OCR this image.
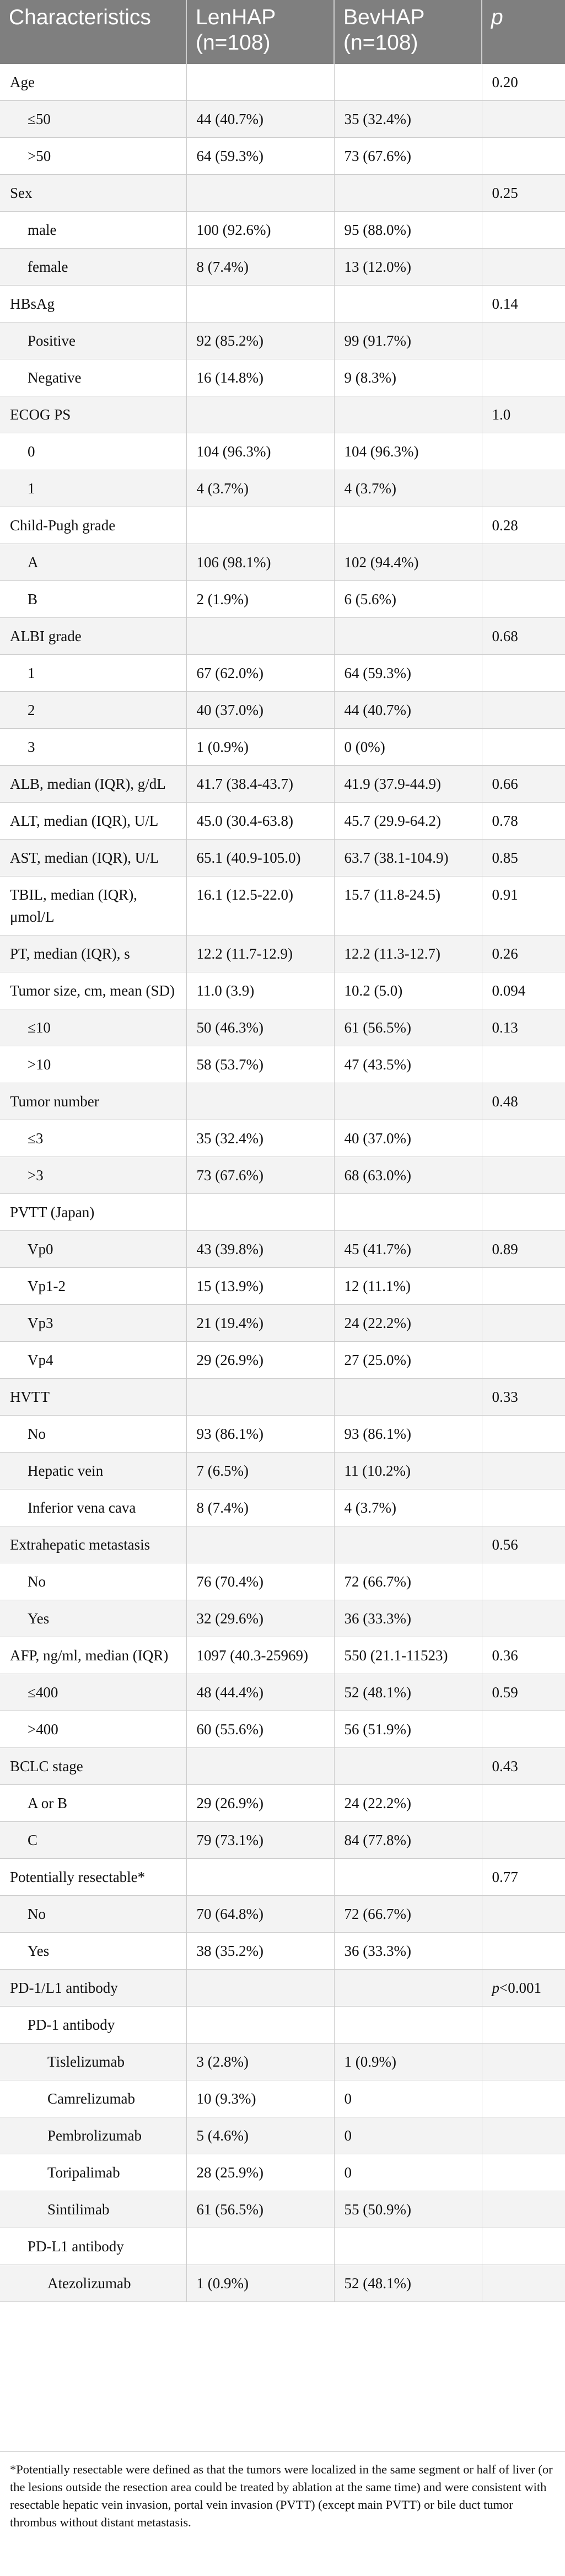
Characteristics	LenHAP (n=108)	BevHAP (n=108)	p
Age			0.20
≤50	44 (40.7%)	35 (32.4%)	
>50	64 (59.3%)	73 (67.6%)	
Sex			0.25
male	100 (92.6%)	95 (88.0%)	
female	8 (7.4%)	13 (12.0%)	
HBsAg			0.14
Positive	92 (85.2%)	99 (91.7%)	
Negative	16 (14.8%)	9 (8.3%)	
ECOG PS			1.0
0	104 (96.3%)	104 (96.3%)	
1	4 (3.7%)	4 (3.7%)	
Child-Pugh grade			0.28
A	106 (98.1%)	102 (94.4%)	
B	2 (1.9%)	6 (5.6%)	
ALBI grade			0.68
1	67 (62.0%)	64 (59.3%)	
2	40 (37.0%)	44 (40.7%)	
3	1 (0.9%)	0 (0%)	
ALB, median (IQR), g/dL	41.7 (38.4-43.7)	41.9 (37.9-44.9)	0.66
ALT, median (IQR), U/L	45.0 (30.4-63.8)	45.7 (29.9-64.2)	0.78
AST, median (IQR), U/L	65.1 (40.9-105.0)	63.7 (38.1-104.9)	0.85
TBIL, median (IQR), μmol/L	16.1 (12.5-22.0)	15.7 (11.8-24.5)	0.91
PT, median (IQR), s	12.2 (11.7-12.9)	12.2 (11.3-12.7)	0.26
Tumor size, cm, mean (SD)	11.0 (3.9)	10.2 (5.0)	0.094
≤10	50 (46.3%)	61 (56.5%)	0.13
>10	58 (53.7%)	47 (43.5%)	
Tumor number			0.48
≤3	35 (32.4%)	40 (37.0%)	
>3	73 (67.6%)	68 (63.0%)	
PVTT (Japan)			
Vp0	43 (39.8%)	45 (41.7%)	0.89
Vp1-2	15 (13.9%)	12 (11.1%)	
Vp3	21 (19.4%)	24 (22.2%)	
Vp4	29 (26.9%)	27 (25.0%)	
HVTT			0.33
No	93 (86.1%)	93 (86.1%)	
Hepatic vein	7 (6.5%)	11 (10.2%)	
Inferior vena cava	8 (7.4%)	4 (3.7%)	
Extrahepatic metastasis			0.56
No	76 (70.4%)	72 (66.7%)	
Yes	32 (29.6%)	36 (33.3%)	
AFP, ng/ml, median (IQR)	1097 (40.3-25969)	550 (21.1-11523)	0.36
≤400	48 (44.4%)	52 (48.1%)	0.59
>400	60 (55.6%)	56 (51.9%)	
BCLC stage			0.43
A or B	29 (26.9%)	24 (22.2%)	
C	79 (73.1%)	84 (77.8%)	
Potentially resectable*			0.77
No	70 (64.8%)	72 (66.7%)	
Yes	38 (35.2%)	36 (33.3%)	
PD-1/L1 antibody			p<0.001
PD-1 antibody			
Tislelizumab	3 (2.8%)	1 (0.9%)	
Camrelizumab	10 (9.3%)	0	
Pembrolizumab	5 (4.6%)	0	
Toripalimab	28 (25.9%)	0	
Sintilimab	61 (56.5%)	55 (50.9%)	
PD-L1 antibody			
Atezolizumab	1 (0.9%)	52 (48.1%)	
*Potentially resectable were defined as that the tumors were localized in the same segment or half of liver (or the lesions outside the resection area could be treated by ablation at the same time) and were consistent with resectable hepatic vein invasion, portal vein invasion (PVTT) (except main PVTT) or bile duct tumor thrombus without distant metastasis.
